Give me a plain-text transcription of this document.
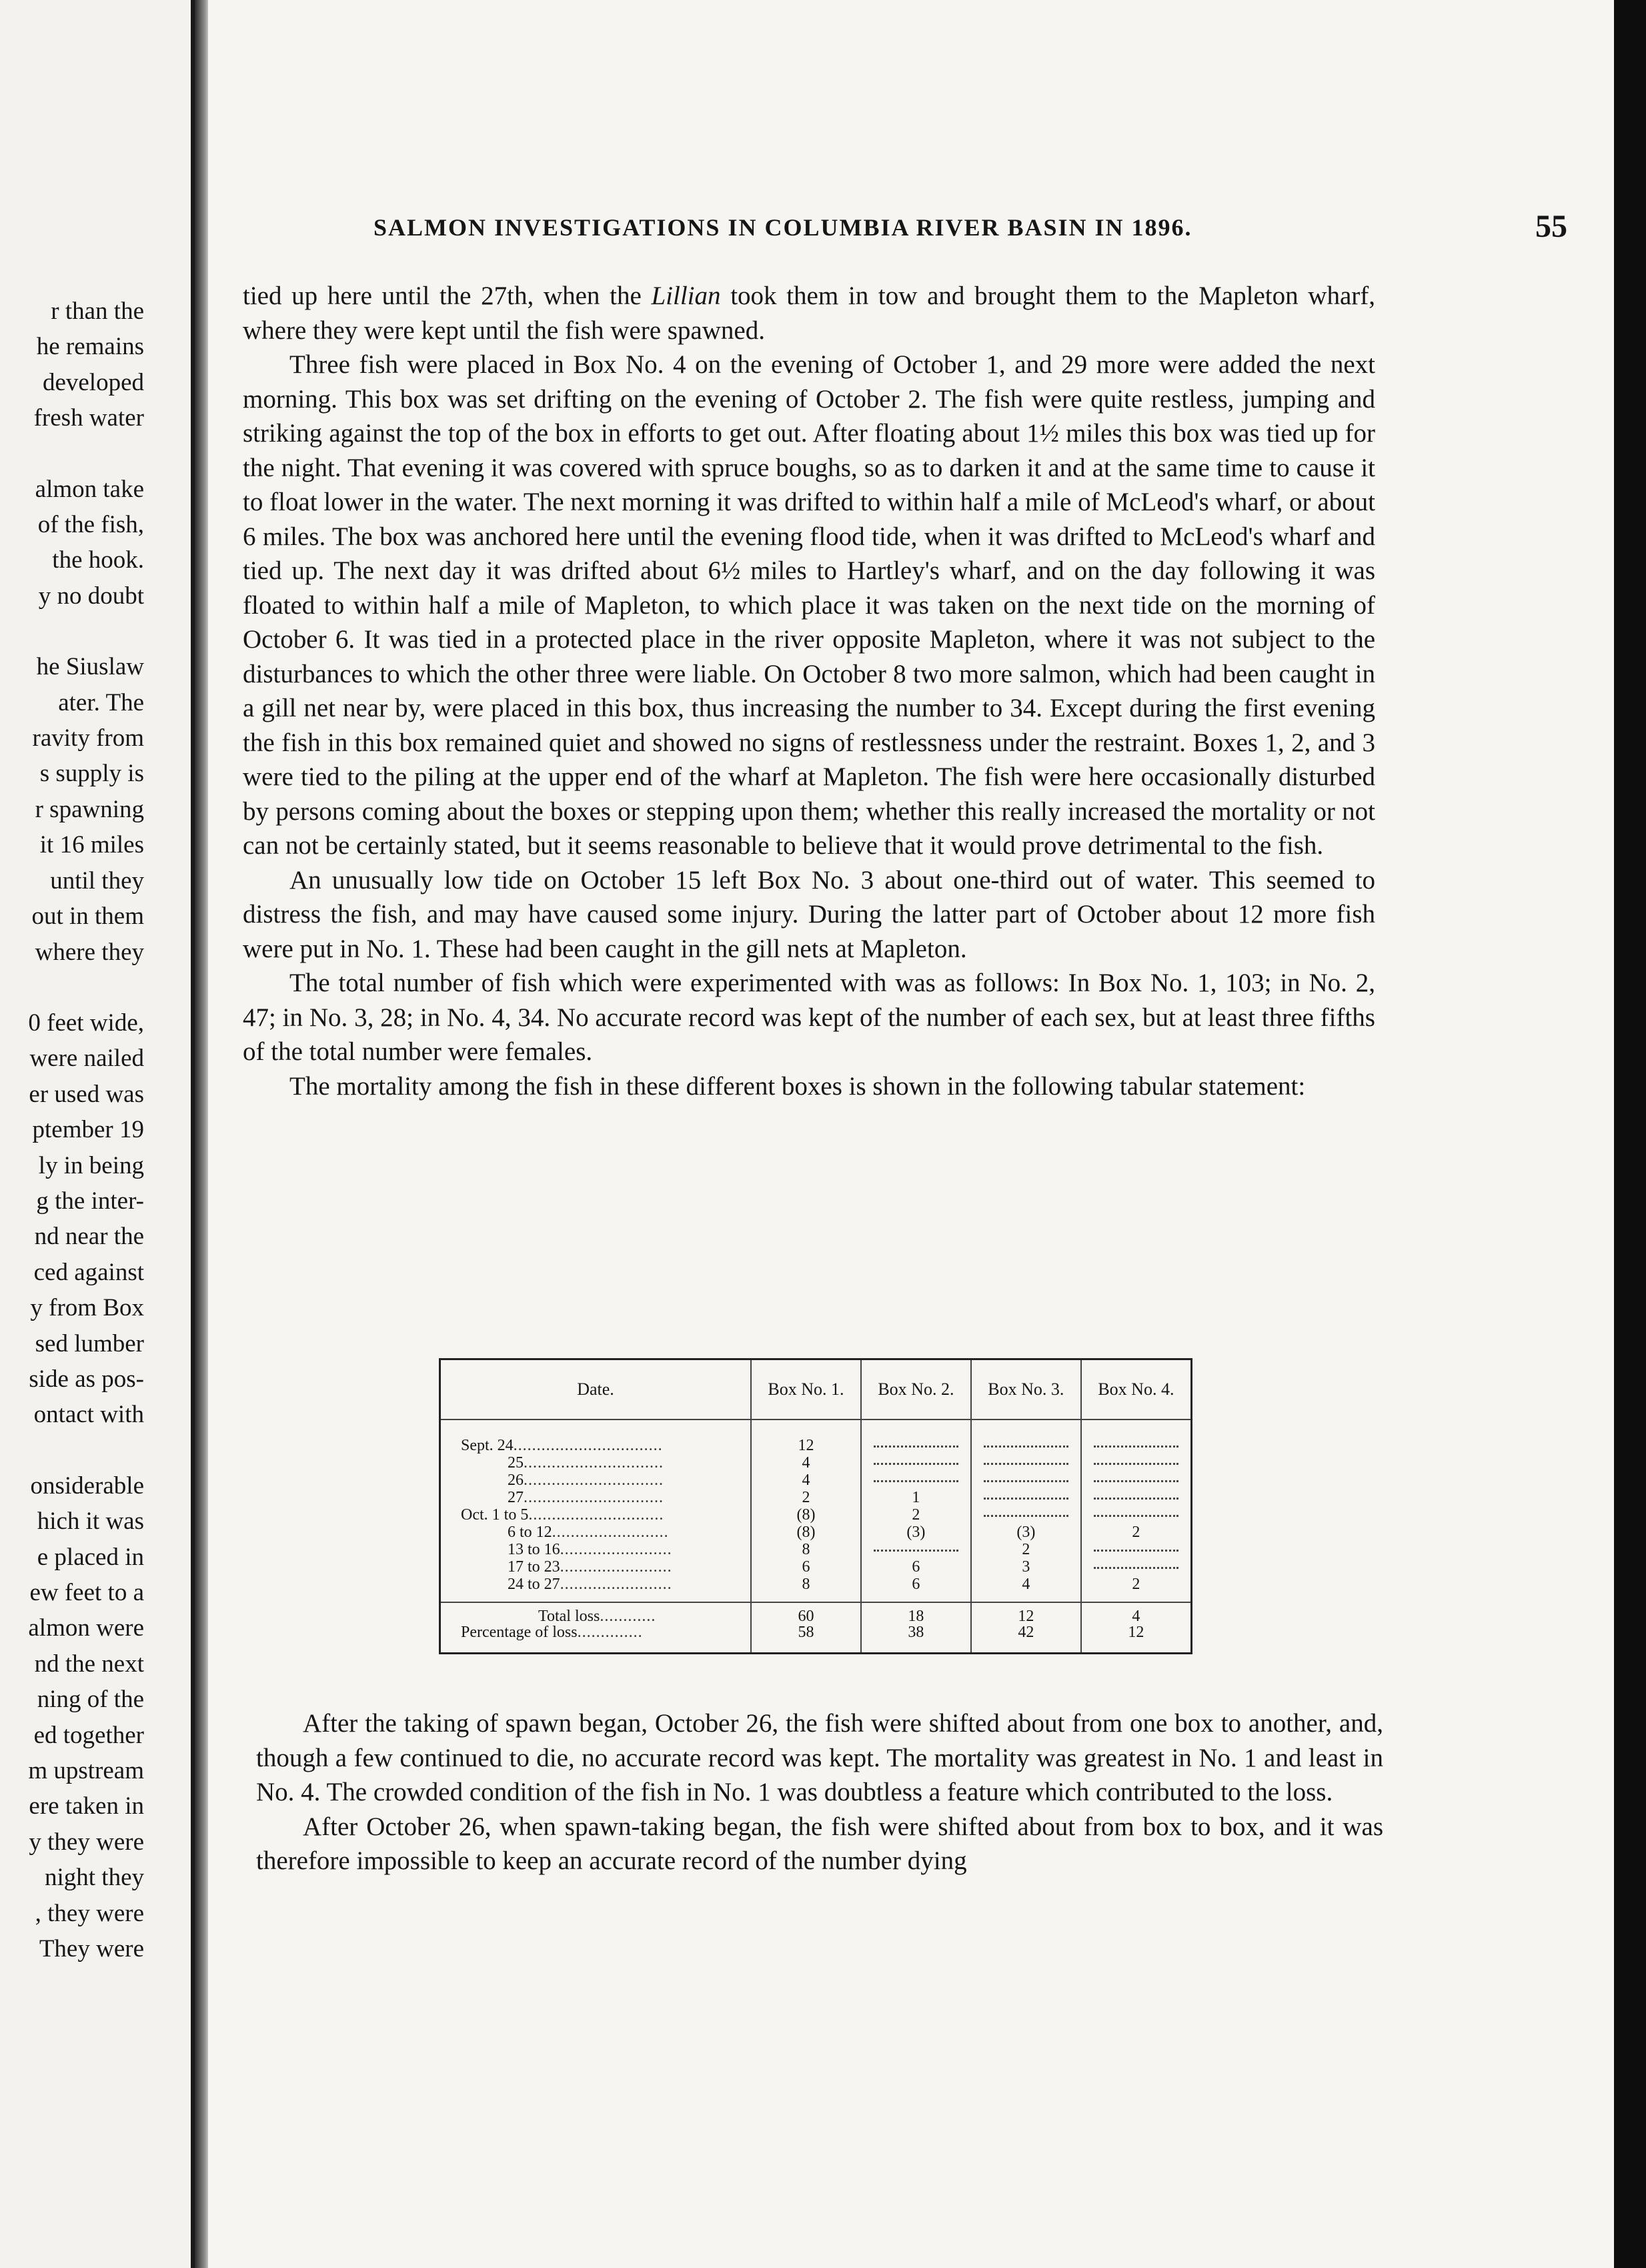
r than the
he remains
developed
fresh water

almon take
of the fish,
the hook.
y no doubt

he Siuslaw
ater. The
ravity from
s supply is
r spawning
it 16 miles
until they
out in them
where they

0 feet wide,
were nailed
er used was
ptember 19
ly in being
g the inter-
nd near the
ced against
y from Box
sed lumber
side as pos-
ontact with

onsiderable
hich it was
e placed in
ew feet to a
almon were
nd the next
ning of the
ed together
m upstream
ere taken in
y they were
night they
, they were
They were
SALMON INVESTIGATIONS IN COLUMBIA RIVER BASIN IN 1896.	55

tied up here until the 27th, when the Lillian took them in tow and brought them to the Mapleton wharf, where they were kept until the fish were spawned.

Three fish were placed in Box No. 4 on the evening of October 1, and 29 more were added the next morning. This box was set drifting on the evening of October 2. The fish were quite restless, jumping and striking against the top of the box in efforts to get out. After floating about 1½ miles this box was tied up for the night. That evening it was covered with spruce boughs, so as to darken it and at the same time to cause it to float lower in the water. The next morning it was drifted to within half a mile of McLeod's wharf, or about 6 miles. The box was anchored here until the evening flood tide, when it was drifted to McLeod's wharf and tied up. The next day it was drifted about 6½ miles to Hartley's wharf, and on the day following it was floated to within half a mile of Mapleton, to which place it was taken on the next tide on the morning of October 6. It was tied in a protected place in the river opposite Mapleton, where it was not subject to the disturbances to which the other three were liable. On October 8 two more salmon, which had been caught in a gill net near by, were placed in this box, thus increasing the number to 34. Except during the first evening the fish in this box remained quiet and showed no signs of restlessness under the restraint. Boxes 1, 2, and 3 were tied to the piling at the upper end of the wharf at Mapleton. The fish were here occasionally disturbed by persons coming about the boxes or stepping upon them; whether this really increased the mortality or not can not be certainly stated, but it seems reasonable to believe that it would prove detrimental to the fish.

An unusually low tide on October 15 left Box No. 3 about one-third out of water. This seemed to distress the fish, and may have caused some injury. During the latter part of October about 12 more fish were put in No. 1. These had been caught in the gill nets at Mapleton.

The total number of fish which were experimented with was as follows: In Box No. 1, 103; in No. 2, 47; in No. 3, 28; in No. 4, 34. No accurate record was kept of the number of each sex, but at least three fifths of the total number were females.

The mortality among the fish in these different boxes is shown in the following tabular statement:

Date.	Box No. 1.	Box No. 2.	Box No. 3.	Box No. 4.
Sept. 24................................	12	

25..............................	4	

26..............................	4	

27..............................	2	1	

Oct. 1 to 5.............................	(8)	2	

6 to 12.........................	(8)	(3)	(3)	2
13 to 16........................	8		2	

17 to 23........................	6	6	3	

24 to 27........................	8	6	4	2
Total loss............	60	18	12	4
Percentage of loss..............	58	38	42	12

After the taking of spawn began, October 26, the fish were shifted about from one box to another, and, though a few continued to die, no accurate record was kept. The mortality was greatest in No. 1 and least in No. 4. The crowded condition of the fish in No. 1 was doubtless a feature which contributed to the loss.

After October 26, when spawn-taking began, the fish were shifted about from box to box, and it was therefore impossible to keep an accurate record of the number dying
